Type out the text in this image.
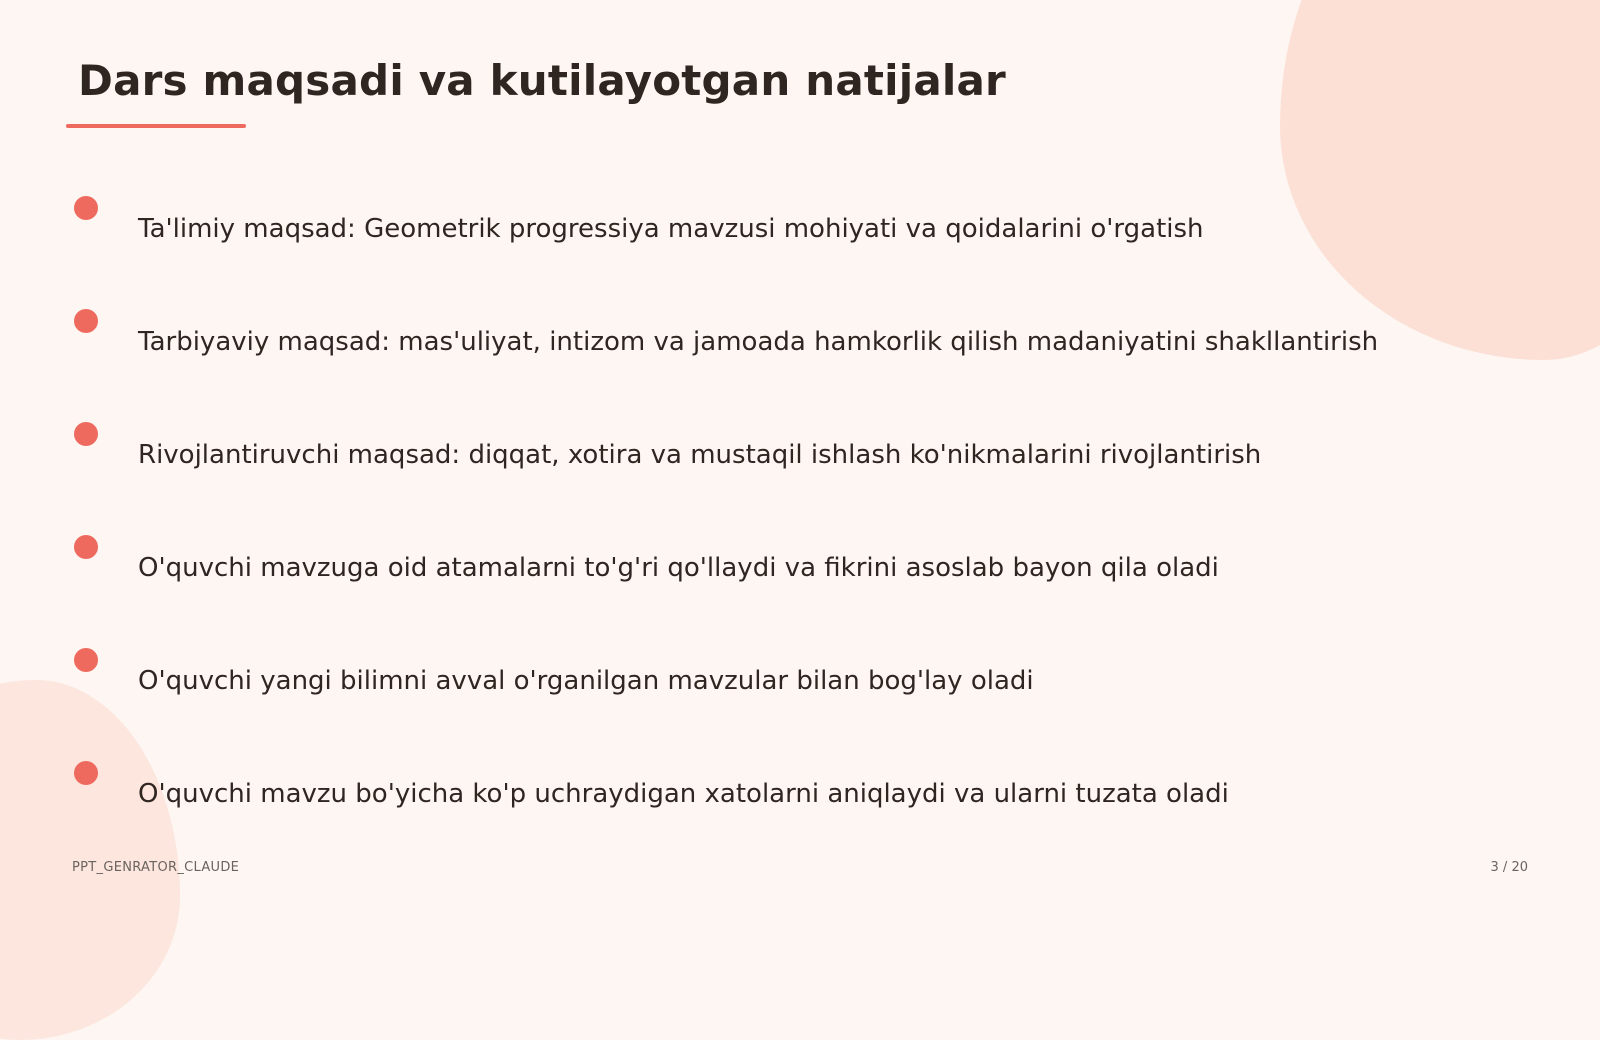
Dars maqsadi va kutilayotgan natijalar
Ta'limiy maqsad: Geometrik progressiya mavzusi mohiyati va qoidalarini o'rgatish
Tarbiyaviy maqsad: mas'uliyat, intizom va jamoada hamkorlik qilish madaniyatini shakllantirish
Rivojlantiruvchi maqsad: diqqat, xotira va mustaqil ishlash ko'nikmalarini rivojlantirish
O'quvchi mavzuga oid atamalarni to'g'ri qo'llaydi va fikrini asoslab bayon qila oladi
O'quvchi yangi bilimni avval o'rganilgan mavzular bilan bog'lay oladi
O'quvchi mavzu bo'yicha ko'p uchraydigan xatolarni aniqlaydi va ularni tuzata oladi
PPT_GENRATOR_CLAUDE	3 / 20
